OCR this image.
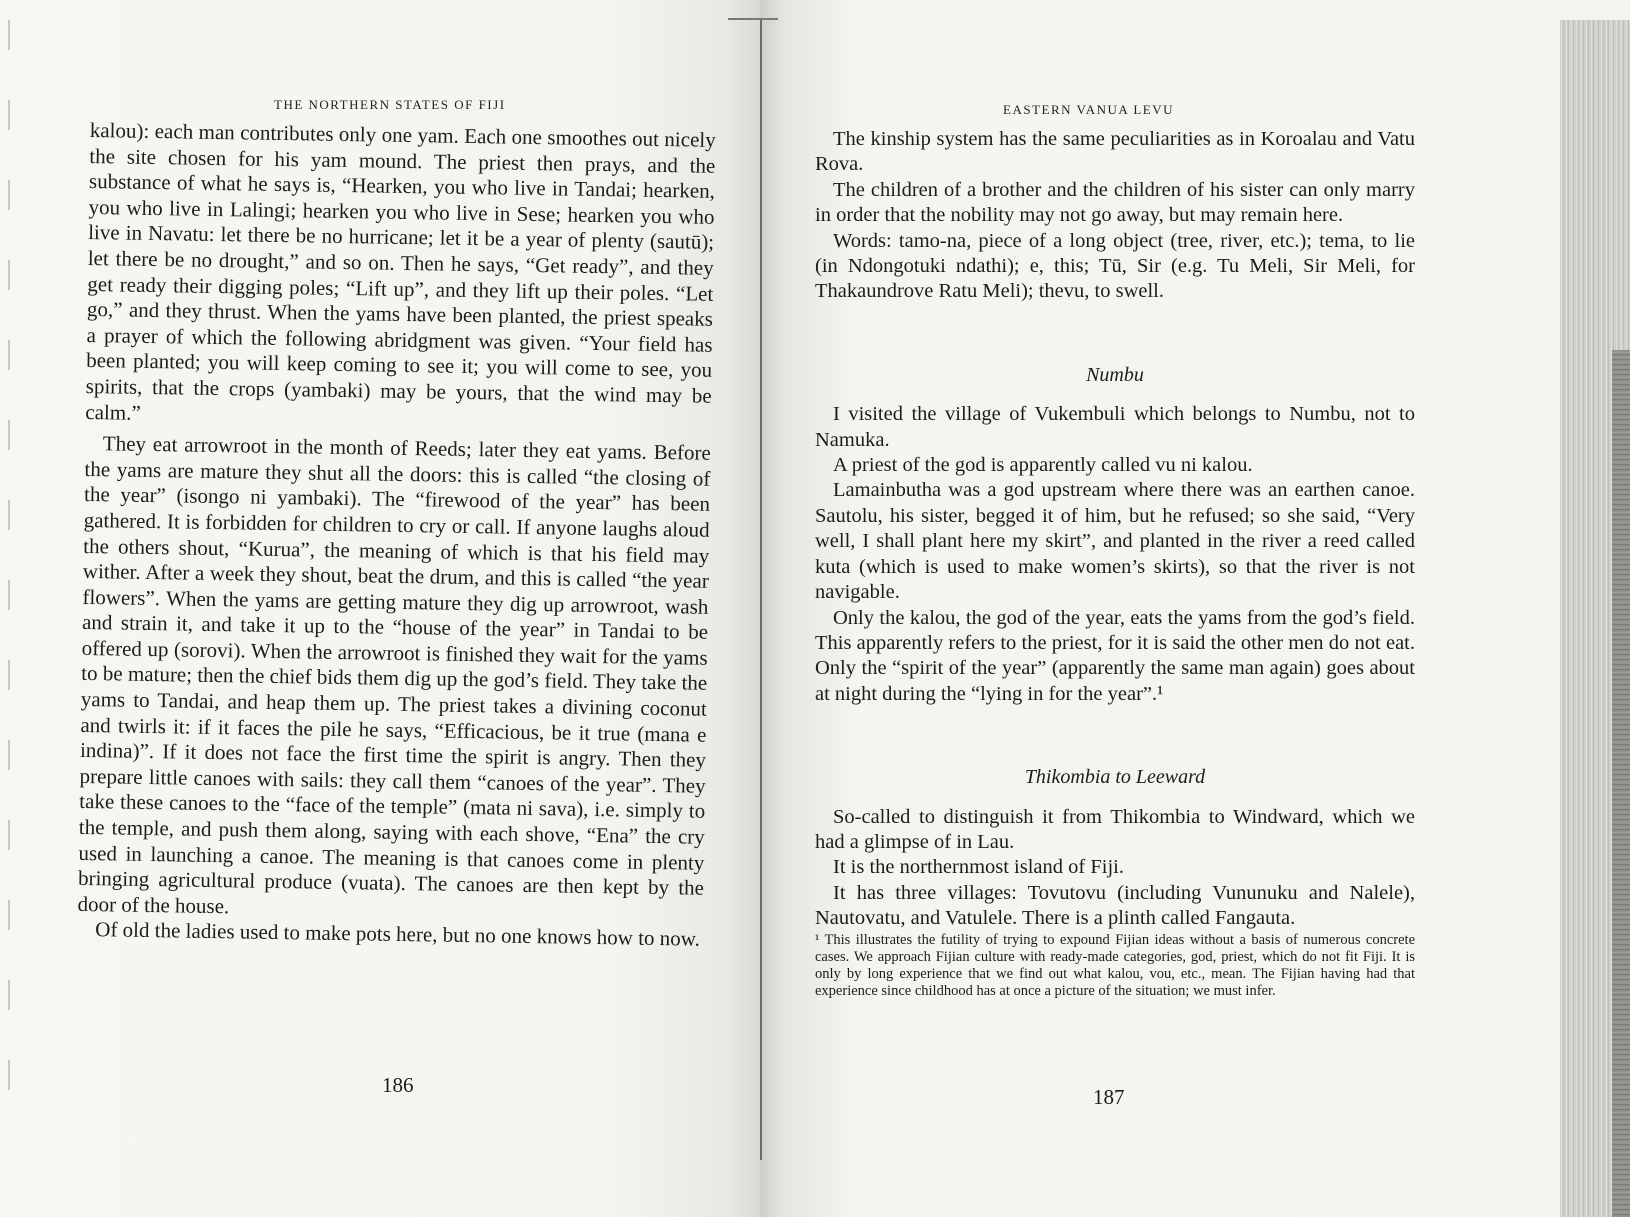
THE NORTHERN STATES OF FIJI

kalou): each man contributes only one yam. Each one smoothes out nicely the site chosen for his yam mound. The priest then prays, and the substance of what he says is, “Hearken, you who live in Tandai; hearken, you who live in Lalingi; hearken you who live in Sese; hearken you who live in Navatu: let there be no hurricane; let it be a year of plenty (sautū); let there be no drought,” and so on. Then he says, “Get ready”, and they get ready their digging poles; “Lift up”, and they lift up their poles. “Let go,” and they thrust. When the yams have been planted, the priest speaks a prayer of which the following abridgment was given. “Your field has been planted; you will keep coming to see it; you will come to see, you spirits, that the crops (yambaki) may be yours, that the wind may be calm.”

They eat arrowroot in the month of Reeds; later they eat yams. Before the yams are mature they shut all the doors: this is called “the closing of the year” (isongo ni yambaki). The “firewood of the year” has been gathered. It is forbidden for children to cry or call. If anyone laughs aloud the others shout, “Kurua”, the meaning of which is that his field may wither. After a week they shout, beat the drum, and this is called “the year flowers”. When the yams are getting mature they dig up arrowroot, wash and strain it, and take it up to the “house of the year” in Tandai to be offered up (sorovi). When the arrowroot is finished they wait for the yams to be mature; then the chief bids them dig up the god’s field. They take the yams to Tandai, and heap them up. The priest takes a divining coconut and twirls it: if it faces the pile he says, “Efficacious, be it true (mana e indina)”. If it does not face the first time the spirit is angry. Then they prepare little canoes with sails: they call them “canoes of the year”. They take these canoes to the “face of the temple” (mata ni sava), i.e. simply to the temple, and push them along, saying with each shove, “Ena” the cry used in launching a canoe. The meaning is that canoes come in plenty bringing agricultural produce (vuata). The canoes are then kept by the door of the house.

Of old the ladies used to make pots here, but no one knows how to now.

186
EASTERN VANUA LEVU

The kinship system has the same peculiarities as in Koroalau and Vatu Rova.

The children of a brother and the children of his sister can only marry in order that the nobility may not go away, but may remain here.

Words: tamo-na, piece of a long object (tree, river, etc.); tema, to lie (in Ndongotuki ndathi); e, this; Tū, Sir (e.g. Tu Meli, Sir Meli, for Thakaundrove Ratu Meli); thevu, to swell.

Numbu

I visited the village of Vukembuli which belongs to Numbu, not to Namuka.

A priest of the god is apparently called vu ni kalou.

Lamainbutha was a god upstream where there was an earthen canoe. Sautolu, his sister, begged it of him, but he refused; so she said, “Very well, I shall plant here my skirt”, and planted in the river a reed called kuta (which is used to make women’s skirts), so that the river is not navigable.

Only the kalou, the god of the year, eats the yams from the god’s field. This apparently refers to the priest, for it is said the other men do not eat. Only the “spirit of the year” (apparently the same man again) goes about at night during the “lying in for the year”.¹

Thikombia to Leeward

So-called to distinguish it from Thikombia to Windward, which we had a glimpse of in Lau.

It is the northernmost island of Fiji.

It has three villages: Tovutovu (including Vununuku and Nalele), Nautovatu, and Vatulele. There is a plinth called Fangauta.

¹ This illustrates the futility of trying to expound Fijian ideas without a basis of numerous concrete cases. We approach Fijian culture with ready-made categories, god, priest, which do not fit Fiji. It is only by long experience that we find out what kalou, vou, etc., mean. The Fijian having had that experience since childhood has at once a picture of the situation; we must infer.

187
